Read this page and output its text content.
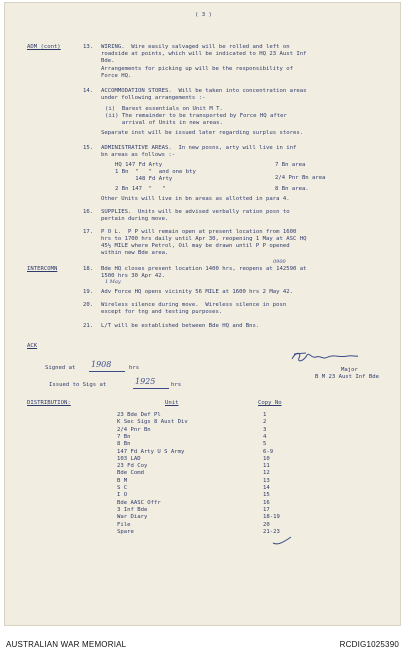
( 3 )
ADM (cont)	13. WIRING.  Wire easily salvaged will be rolled and left on
roadside at points, which will be indicated to HQ 23 Aust Inf
Bde.
Arrangements for picking up will be the responsibility of
Force HQ.
14. ACCOMMODATION STORES.  Will be taken into concentration areas
under following arrangements :-
(i)  Barest essentials on Unit M T.
(ii) The remainder to be transported by Force HQ after
arrival of Units in new areas.
Separate inst will be issued later regarding surplus stores.
15. ADMINISTRATIVE AREAS.  In new posns, arty will live in inf
bn areas as follows :-
HQ 147 Fd Arty	7 Bn area
1 Bn  "   "  and one bty
148 Fd Arty	2/4 Pnr Bn area
2 Bn 147  "   "	8 Bn area.
Other Units will live in bn areas as allotted in para 4.
16. SUPPLIES.  Units will be advised verbally ration posn to
pertain during move.
17. P O L.  P P will remain open at present location from 1600
hrs to 1700 hrs daily until Apr 30, reopening 1 May at ASC HQ
45½ MILE where Petrol, Oil may be drawn until P P opened
within new Bde area.
INTERCOMN	18.
0900
Bde HQ closes present location 1400 hrs, reopens at 142590 at
1500 hrs 30 Apr 42.
1 May
19. Adv Force HQ opens vicinity 56 MILE at 1600 hrs 2 May 42.
20. Wireless silence during move.  Wireless silence in posn
except for tng and testing purposes.
21. L/T will be established between Bde HQ and Bns.
ACK
Major
B M 23 Aust Inf Bde
Signed at 1908	hrs
Issued to Sigs at	1925	hrs
DISTRIBUTION:	Unit	Copy No
23 Bde Def Pl	1
K Sec Sigs 8 Aust Div	2
2/4 Pnr Bn	3
7 Bn	4
8 Bn	5
147 Fd Arty U S Army	6-9
103 LAD	10
23 Fd Coy	11
Bde Comd	12
B M	13
S C	14
I O	15
Bde AASC Offr	16
3 Inf Bde	17
War Diary	18-19
File	20
Spare	21-23
AUSTRALIAN WAR MEMORIAL	RCDIG1025390
